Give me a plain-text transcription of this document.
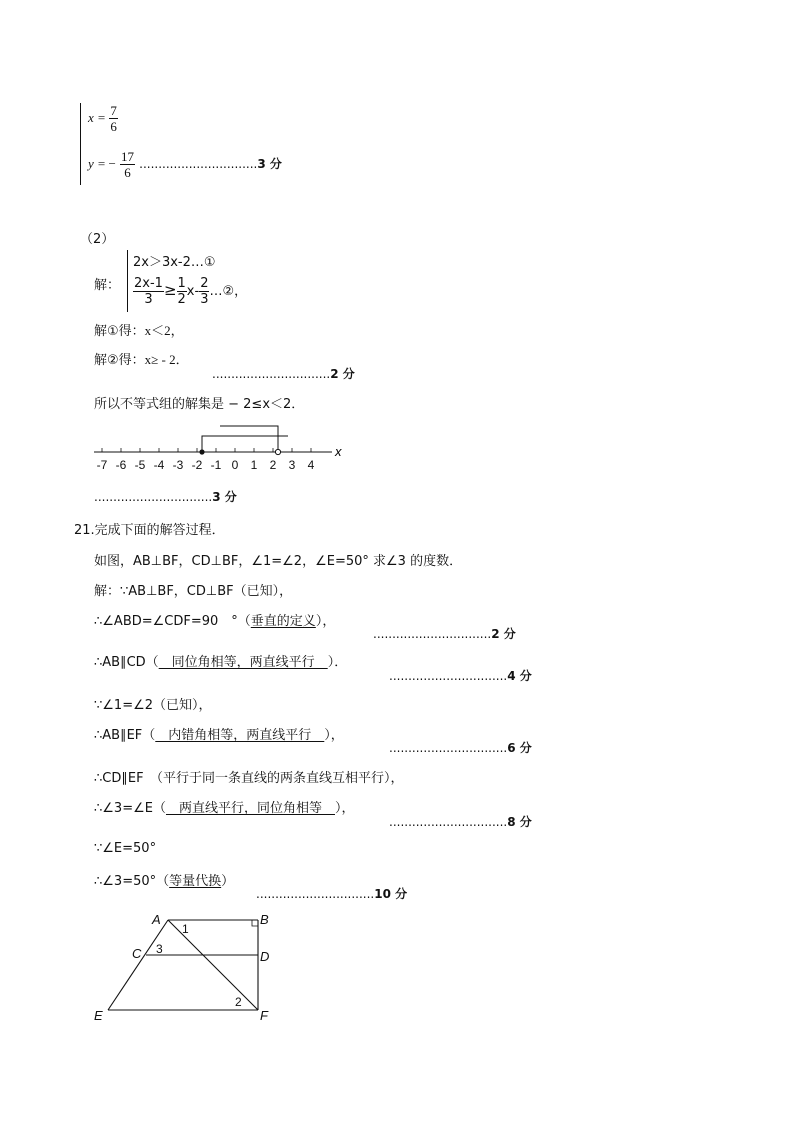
$x = \frac{7}{6}$
y = − $\frac{17}{6} ...............................3$ 分
（2）
解：
2x＞3x-2…①
$\frac{2x-1}{3} \ge \frac{1}{2} x- \frac{2}{3}$ …②，
解①得：x＜2，
解②得：x≥ - 2．
...............................2 分
所以不等式组的解集是 − 2≤x＜2．
-7 -6 -5 -4 -3 -2 -1 0 1 2 3 4
x
...............................3 分
21.完成下面的解答过程．
如图，AB⊥BF，CD⊥BF，∠1=∠2，∠E=50° 求∠3 的度数．
解：∵AB⊥BF，CD⊥BF（已知），
∴∠ABD=∠CDF=90　°（垂直的定义），
...............................2 分
∴AB∥CD（　同位角相等，两直线平行　）．
...............................4 分
∵∠1=∠2（已知），
∴AB∥EF（　内错角相等，两直线平行　），
...............................6 分
∴CD∥EF　（平行于同一条直线的两条直线互相平行），
∴∠3=∠E（　两直线平行，同位角相等　），
...............................8 分
∵∠E=50°
∴∠3=50°（等量代换）
...............................10 分
A	B
C	D
E	F
1
2
3
